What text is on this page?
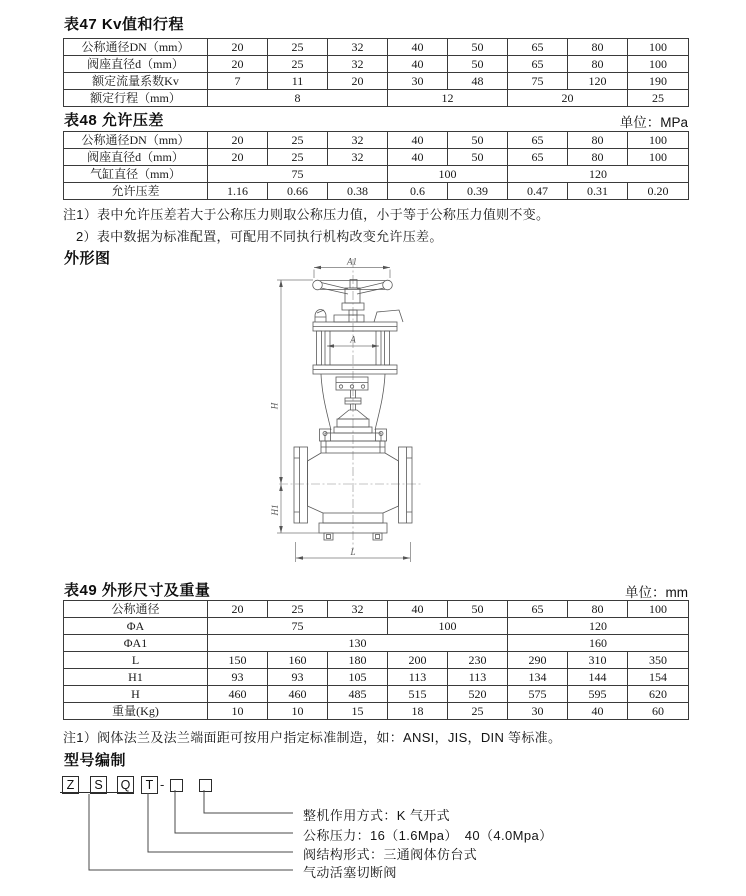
表47 Kv值和行程
公称通径DN（mm）	20	25	32	40	50	65	80	100
阀座直径d（mm）	20	25	32	40	50	65	80	100
额定流量系数Kv	7	11	20	30	48	75	120	190
额定行程（mm）	8			12		20		25
表48 允许压差	单位：MPa
公称通径DN（mm）	20	25	32	40	50	65	80	100
阀座直径d（mm）	20	25	32	40	50	65	80	100
气缸直径（mm）	75			100		120		
允许压差	1.16	0.66	0.38	0.6	0.39	0.47	0.31	0.20
注1）表中允许压差若大于公称压力则取公称压力值，小于等于公称压力值则不变。
2）表中数据为标准配置，可配用不同执行机构改变允许压差。
外形图	A1
A
H
H1
L
表49 外形尺寸及重量	单位：mm
公称通径	20	25	32	40	50	65	80	100
ΦA	75			100		120		
ΦA1	130					160		
L	150	160	180	200	230	290	310	350
H1	93	93	105	113	113	134	144	154
H	460	460	485	515	520	575	595	620
重量(Kg)	10	10	15	18	25	30	40	60
注1）阀体法兰及法兰端面距可按用户指定标准制造，如：ANSI，JIS，DIN 等标准。
型号编制
Z	S	Q	T -
整机作用方式：K 气开式
公称压力：16（1.6Mpa）　40（4.0Mpa）
阀结构形式：三通阀体仿台式
气动活塞切断阀
